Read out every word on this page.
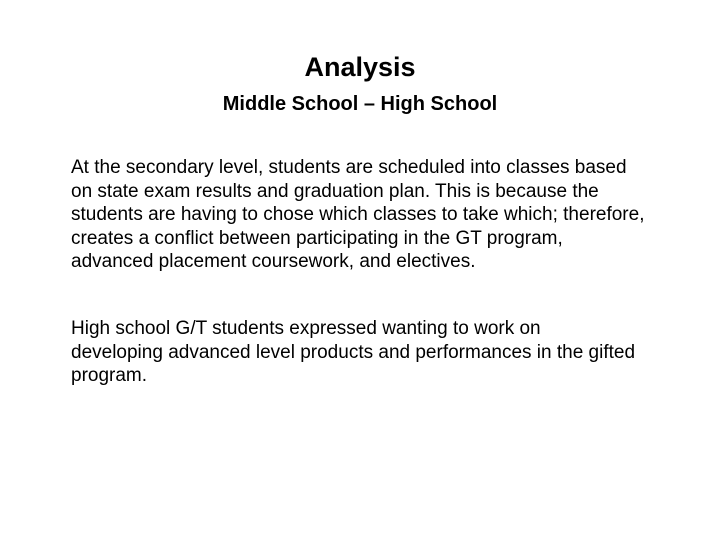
Analysis
Middle School – High School
At the secondary level, students are scheduled into classes based
on state exam results and graduation plan. This is because the
students are having to chose which classes to take which; therefore,
creates a conflict between participating in the GT program,
advanced placement coursework, and electives.
High school G/T students expressed wanting to work on
developing advanced level products and performances in the gifted
program.
